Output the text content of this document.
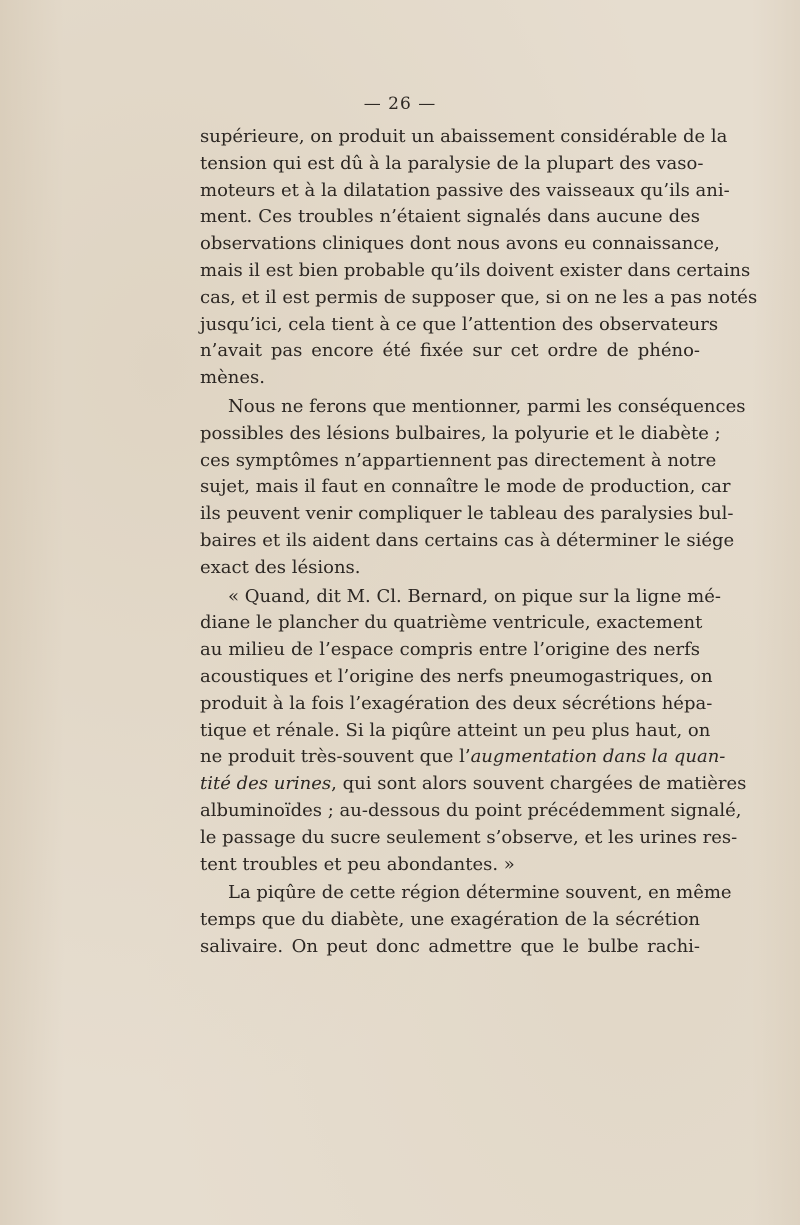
— 26 —

supérieure, on produit un abaissement considérable de la
tension qui est dû à la paralysie de la plupart des vaso-
moteurs et à la dilatation passive des vaisseaux qu’ils ani-
ment. Ces troubles n’étaient signalés dans aucune des
observations cliniques dont nous avons eu connaissance,
mais il est bien probable qu’ils doivent exister dans certains
cas, et il est permis de supposer que, si on ne les a pas notés
jusqu’ici, cela tient à ce que l’attention des observateurs
n’avait pas encore été fixée sur cet ordre de phéno-
mènes.

Nous ne ferons que mentionner, parmi les conséquences
possibles des lésions bulbaires, la polyurie et le diabète ;
ces symptômes n’appartiennent pas directement à notre
sujet, mais il faut en connaître le mode de production, car
ils peuvent venir compliquer le tableau des paralysies bul-
baires et ils aident dans certains cas à déterminer le siége
exact des lésions.

« Quand, dit M. Cl. Bernard, on pique sur la ligne mé-
diane le plancher du quatrième ventricule, exactement
au milieu de l’espace compris entre l’origine des nerfs
acoustiques et l’origine des nerfs pneumogastriques, on
produit à la fois l’exagération des deux sécrétions hépa-
tique et rénale. Si la piqûre atteint un peu plus haut, on
ne produit très-souvent que l’augmentation dans la quan-
tité des urines, qui sont alors souvent chargées de matières
albuminoïdes ; au-dessous du point précédemment signalé,
le passage du sucre seulement s’observe, et les urines res-
tent troubles et peu abondantes. »

La piqûre de cette région détermine souvent, en même
temps que du diabète, une exagération de la sécrétion
salivaire. On peut donc admettre que le bulbe rachi-
